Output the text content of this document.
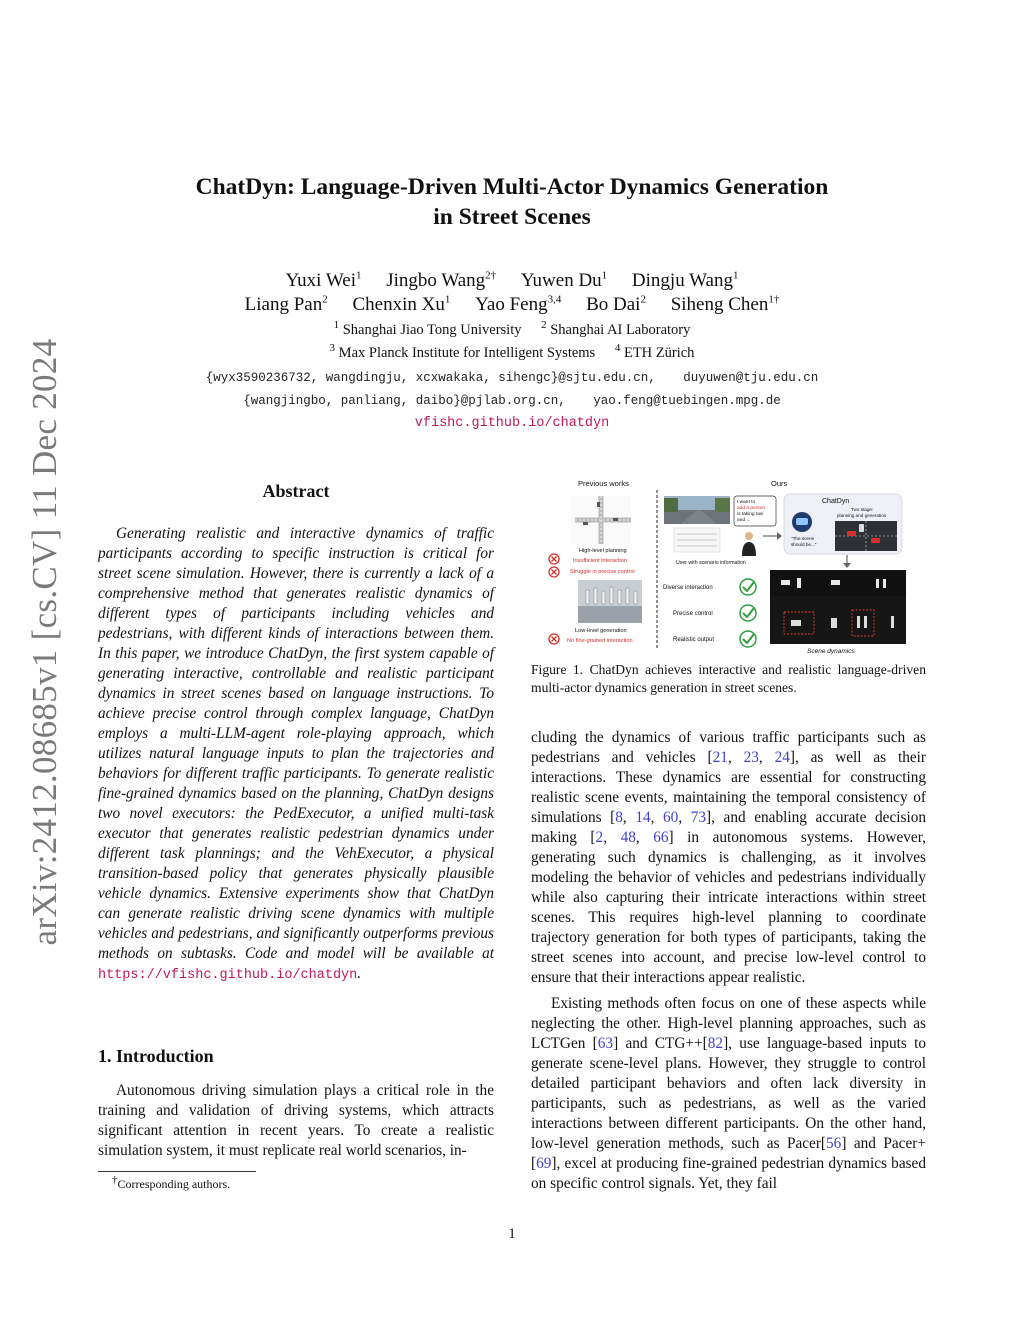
arXiv:2412.08685v1 [cs.CV] 11 Dec 2024
ChatDyn: Language-Driven Multi-Actor Dynamics Generation
in Street Scenes
Yuxi Wei$^1$ Jingbo Wang$^{2\dagger}$ Yuwen Du$^1$ Dingju Wang$^1$
Liang Pan$^2$ Chenxin Xu$^1$ Yao Feng$^{3,4}$ Bo Dai$^2$ Siheng Chen$^{1\dagger}$
$^1$ Shanghai Jiao Tong University $^2$ Shanghai AI Laboratory
$^3$ Max Planck Institute for Intelligent Systems $^4$ ETH Zürich
{wyx3590236732, wangdingju, xcxwakaka, sihengc}@sjtu.edu.cn, duyuwen@tju.edu.cn
{wangjingbo, panliang, daibo}@pjlab.org.cn, yao.feng@tuebingen.mpg.de
vfishc.github.io/chatdyn
Abstract
Generating realistic and interactive dynamics of traffic participants according to specific instruction is critical for street scene simulation. However, there is currently a lack of a comprehensive method that generates realistic dynamics of different types of participants including vehicles and pedestrians, with different kinds of interactions between them. In this paper, we introduce ChatDyn, the first system capable of generating interactive, controllable and realistic participant dynamics in street scenes based on language instructions. To achieve precise control through complex language, ChatDyn employs a multi-LLM-agent role-playing approach, which utilizes natural language inputs to plan the trajectories and behaviors for different traffic participants. To generate realistic fine-grained dynamics based on the planning, ChatDyn designs two novel executors: the PedExecutor, a unified multi-task executor that generates realistic pedestrian dynamics under different task plannings; and the VehExecutor, a physical transition-based policy that generates physically plausible vehicle dynamics. Extensive experiments show that ChatDyn can generate realistic driving scene dynamics with multiple vehicles and pedestrians, and significantly outperforms previous methods on subtasks. Code and model will be available at https://vfishc.github.io/chatdyn.
1. Introduction
Autonomous driving simulation plays a critical role in the training and validation of driving systems, which attracts significant attention in recent years. To create a realistic simulation system, it must replicate real world scenarios, in-
†Corresponding authors.
1
Previous works	Ours
High-level planning
Insufficient interaction
Struggle in precise control
Low-level generation
No fine-grained interaction
I want to
add a person
is taking taxi
and ...
User with scenario information
ChatDyn
"The scene
should be..."
Two stage:
planning and generation
Diverse interaction
Precise control
Realistic output
Scene dynamics
Figure 1. ChatDyn achieves interactive and realistic language-driven multi-actor dynamics generation in street scenes.

cluding the dynamics of various traffic participants such as pedestrians and vehicles [21, 23, 24], as well as their interactions. These dynamics are essential for constructing realistic scene events, maintaining the temporal consistency of simulations [8, 14, 60, 73], and enabling accurate decision making [2, 48, 66] in autonomous systems. However, generating such dynamics is challenging, as it involves modeling the behavior of vehicles and pedestrians individually while also capturing their intricate interactions within street scenes. This requires high-level planning to coordinate trajectory generation for both types of participants, taking the street scenes into account, and precise low-level control to ensure that their interactions appear realistic.

Existing methods often focus on one of these aspects while neglecting the other. High-level planning approaches, such as LCTGen [63] and CTG++[82], use language-based inputs to generate scene-level plans. However, they struggle to control detailed participant behaviors and often lack diversity in participants, such as pedestrians, as well as the varied interactions between different participants. On the other hand, low-level generation methods, such as Pacer[56] and Pacer+ [69], excel at producing fine-grained pedestrian dynamics based on specific control signals. Yet, they fail
